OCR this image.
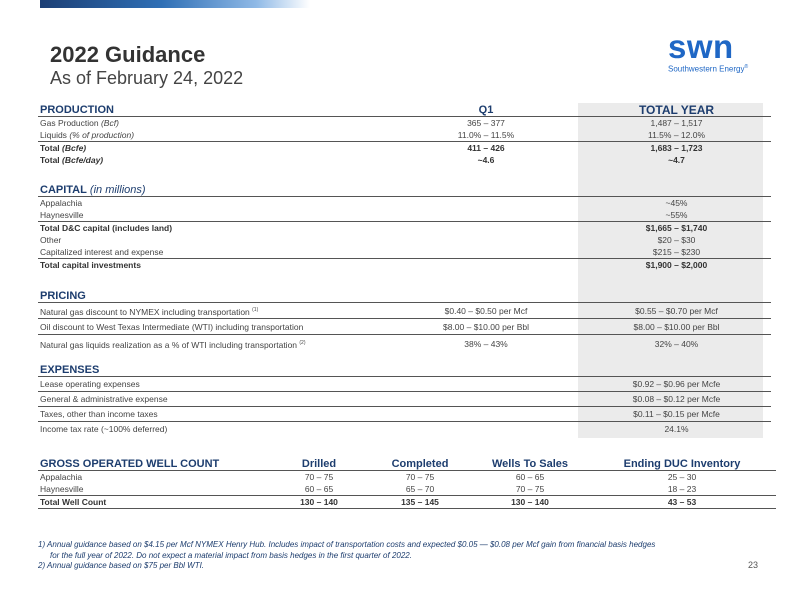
2022 Guidance
As of February 24, 2022
swn
Southwestern Energy®
PRODUCTION	Q1	TOTAL YEAR
Gas Production (Bcf)	365 – 377	1,487 – 1,517
Liquids (% of production)	11.0% – 11.5%	11.5% – 12.0%
Total (Bcfe)	411 – 426	1,683 – 1,723
Total (Bcfe/day)	~4.6	~4.7
CAPITAL (in millions)		
Appalachia		~45%
Haynesville		~55%
Total D&C capital (includes land)		$1,665 – $1,740
Other		$20 – $30
Capitalized interest and expense		$215 – $230
Total capital investments		$1,900 – $2,000
PRICING		
Natural gas discount to NYMEX including transportation $^{(1)}$	$0.40 – $0.50 per Mcf	$0.55 – $0.70 per Mcf
Oil discount to West Texas Intermediate (WTI) including transportation	$8.00 – $10.00 per Bbl	$8.00 – $10.00 per Bbl
Natural gas liquids realization as a % of WTI including transportation $^{(2)}$	38% – 43%	32% – 40%
EXPENSES		
Lease operating expenses		$0.92 – $0.96 per Mcfe
General & administrative expense		$0.08 – $0.12 per Mcfe
Taxes, other than income taxes		$0.11 – $0.15 per Mcfe
Income tax rate (~100% deferred)		24.1%
GROSS OPERATED WELL COUNT	Drilled	Completed	Wells To Sales	Ending DUC Inventory
Appalachia	70 – 75	70 – 75	60 – 65	25 – 30
Haynesville	60 – 65	65 – 70	70 – 75	18 – 23
Total Well Count	130 – 140	135 – 145	130 – 140	43 – 53
1) Annual guidance based on $4.15 per Mcf NYMEX Henry Hub. Includes impact of transportation costs and expected $0.05 — $0.08 per Mcf gain from financial basis hedges
for the full year of 2022. Do not expect a material impact from basis hedges in the first quarter of 2022.
2) Annual guidance based on $75 per Bbl WTI.	23
